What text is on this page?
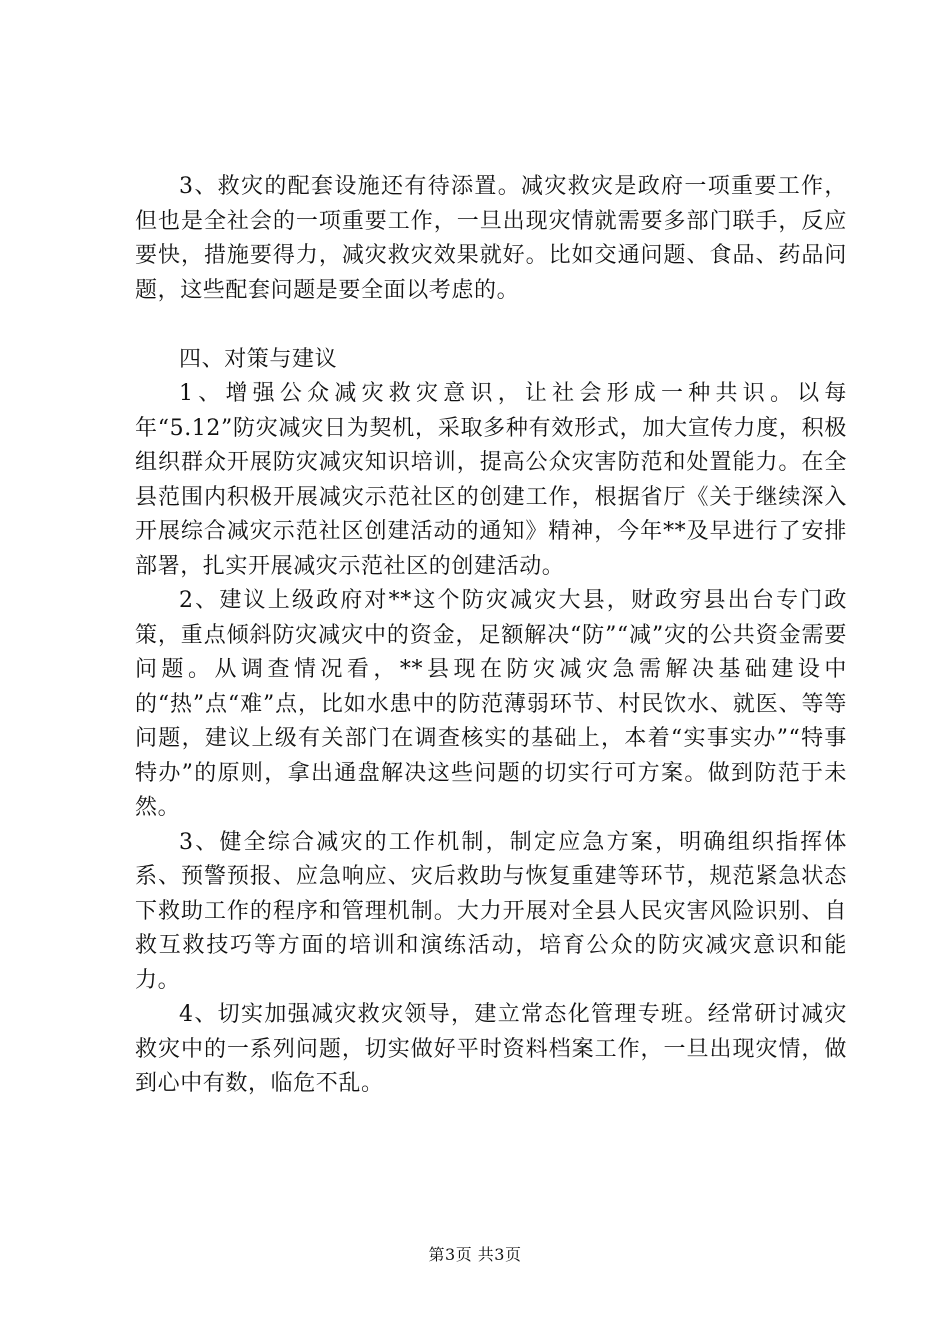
3、救灾的配套设施还有待添置。减灾救灾是政府一项重要工作，但也是全社会的一项重要工作，一旦出现灾情就需要多部门联手，反应要快，措施要得力，减灾救灾效果就好。比如交通问题、食品、药品问题，这些配套问题是要全面以考虑的。

四、对策与建议

1、增强公众减灾救灾意识，让社会形成一种共识。以每年“5.12”防灾减灾日为契机，采取多种有效形式，加大宣传力度，积极组织群众开展防灾减灾知识培训，提高公众灾害防范和处置能力。在全县范围内积极开展减灾示范社区的创建工作，根据省厅《关于继续深入开展综合减灾示范社区创建活动的通知》精神，今年**及早进行了安排部署，扎实开展减灾示范社区的创建活动。

2、建议上级政府对**这个防灾减灾大县，财政穷县出台专门政策，重点倾斜防灾减灾中的资金，足额解决“防”“减”灾的公共资金需要问题。从调查情况看，**县现在防灾减灾急需解决基础建设中的“热”点“难”点，比如水患中的防范薄弱环节、村民饮水、就医、等等问题，建议上级有关部门在调查核实的基础上，本着“实事实办”“特事特办”的原则，拿出通盘解决这些问题的切实行可方案。做到防范于未然。

3、健全综合减灾的工作机制，制定应急方案，明确组织指挥体系、预警预报、应急响应、灾后救助与恢复重建等环节，规范紧急状态下救助工作的程序和管理机制。大力开展对全县人民灾害风险识别、自救互救技巧等方面的培训和演练活动，培育公众的防灾减灾意识和能力。

4、切实加强减灾救灾领导，建立常态化管理专班。经常研讨减灾救灾中的一系列问题，切实做好平时资料档案工作，一旦出现灾情，做到心中有数，临危不乱。

第3页 共3页
